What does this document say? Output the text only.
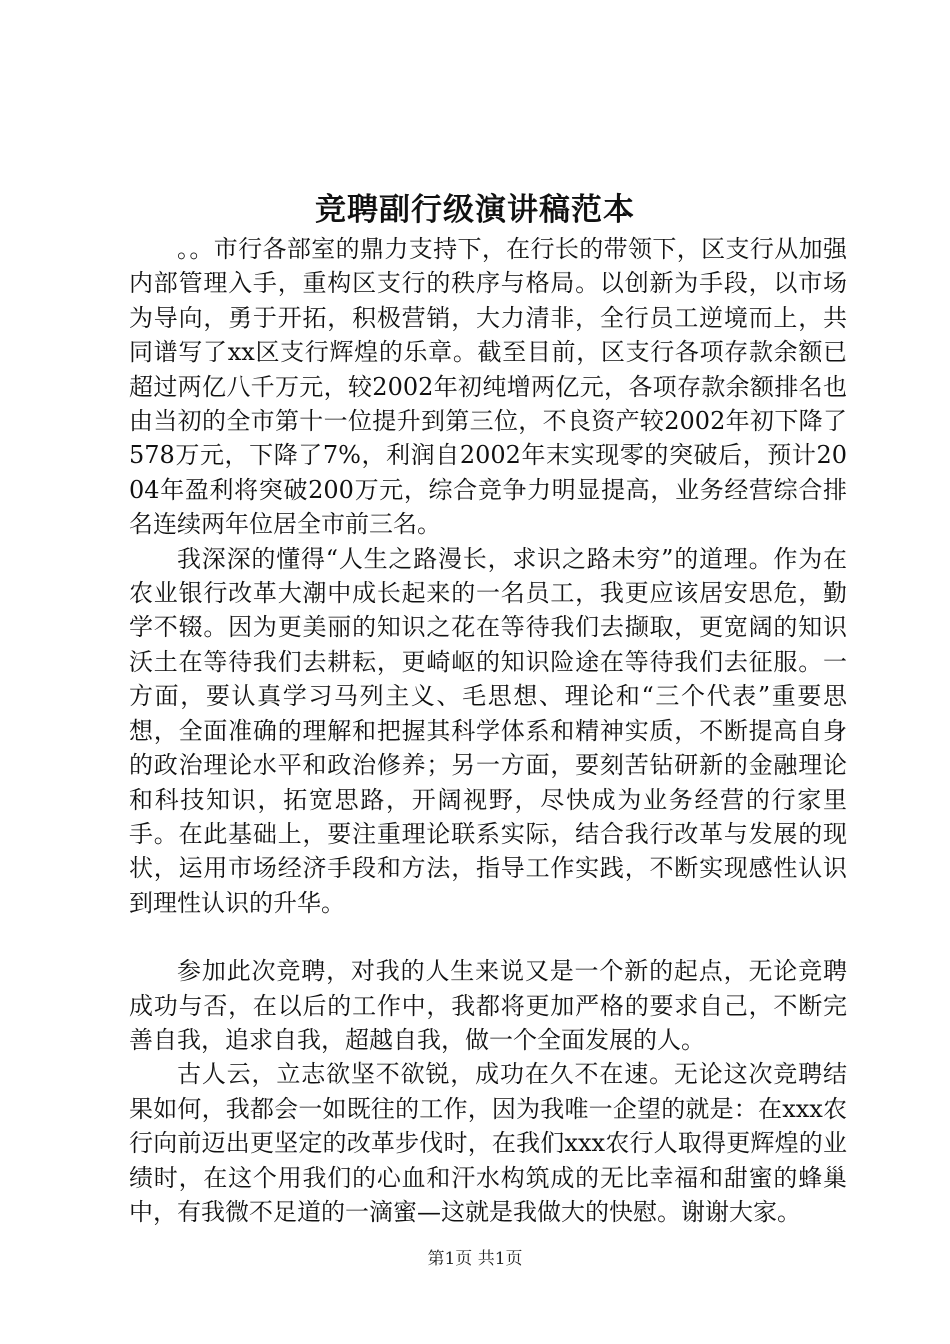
竞聘副行级演讲稿范本

。。市行各部室的鼎力支持下，在行长的带领下，区支行从加强内部管理入手，重构区支行的秩序与格局。以创新为手段，以市场为导向，勇于开拓，积极营销，大力清非，全行员工逆境而上，共同谱写了xx区支行辉煌的乐章。截至目前，区支行各项存款余额已超过两亿八千万元，较2002年初纯增两亿元，各项存款余额排名也由当初的全市第十一位提升到第三位，不良资产较2002年初下降了578万元，下降了7%，利润自2002年末实现零的突破后，预计2004年盈利将突破200万元，综合竞争力明显提高，业务经营综合排名连续两年位居全市前三名。

我深深的懂得“人生之路漫长，求识之路未穷”的道理。作为在农业银行改革大潮中成长起来的一名员工，我更应该居安思危，勤学不辍。因为更美丽的知识之花在等待我们去撷取，更宽阔的知识沃土在等待我们去耕耘，更崎岖的知识险途在等待我们去征服。一方面，要认真学习马列主义、毛思想、理论和“三个代表”重要思想，全面准确的理解和把握其科学体系和精神实质，不断提高自身的政治理论水平和政治修养；另一方面，要刻苦钻研新的金融理论和科技知识，拓宽思路，开阔视野，尽快成为业务经营的行家里手。在此基础上，要注重理论联系实际，结合我行改革与发展的现状，运用市场经济手段和方法，指导工作实践，不断实现感性认识到理性认识的升华。

参加此次竞聘，对我的人生来说又是一个新的起点，无论竞聘成功与否，在以后的工作中，我都将更加严格的要求自己，不断完善自我，追求自我，超越自我，做一个全面发展的人。

古人云，立志欲坚不欲锐，成功在久不在速。无论这次竞聘结果如何，我都会一如既往的工作，因为我唯一企望的就是：在xxx农行向前迈出更坚定的改革步伐时，在我们xxx农行人取得更辉煌的业绩时，在这个用我们的心血和汗水构筑成的无比幸福和甜蜜的蜂巢中，有我微不足道的一滴蜜—这就是我做大的快慰。谢谢大家。

第1页 共1页
